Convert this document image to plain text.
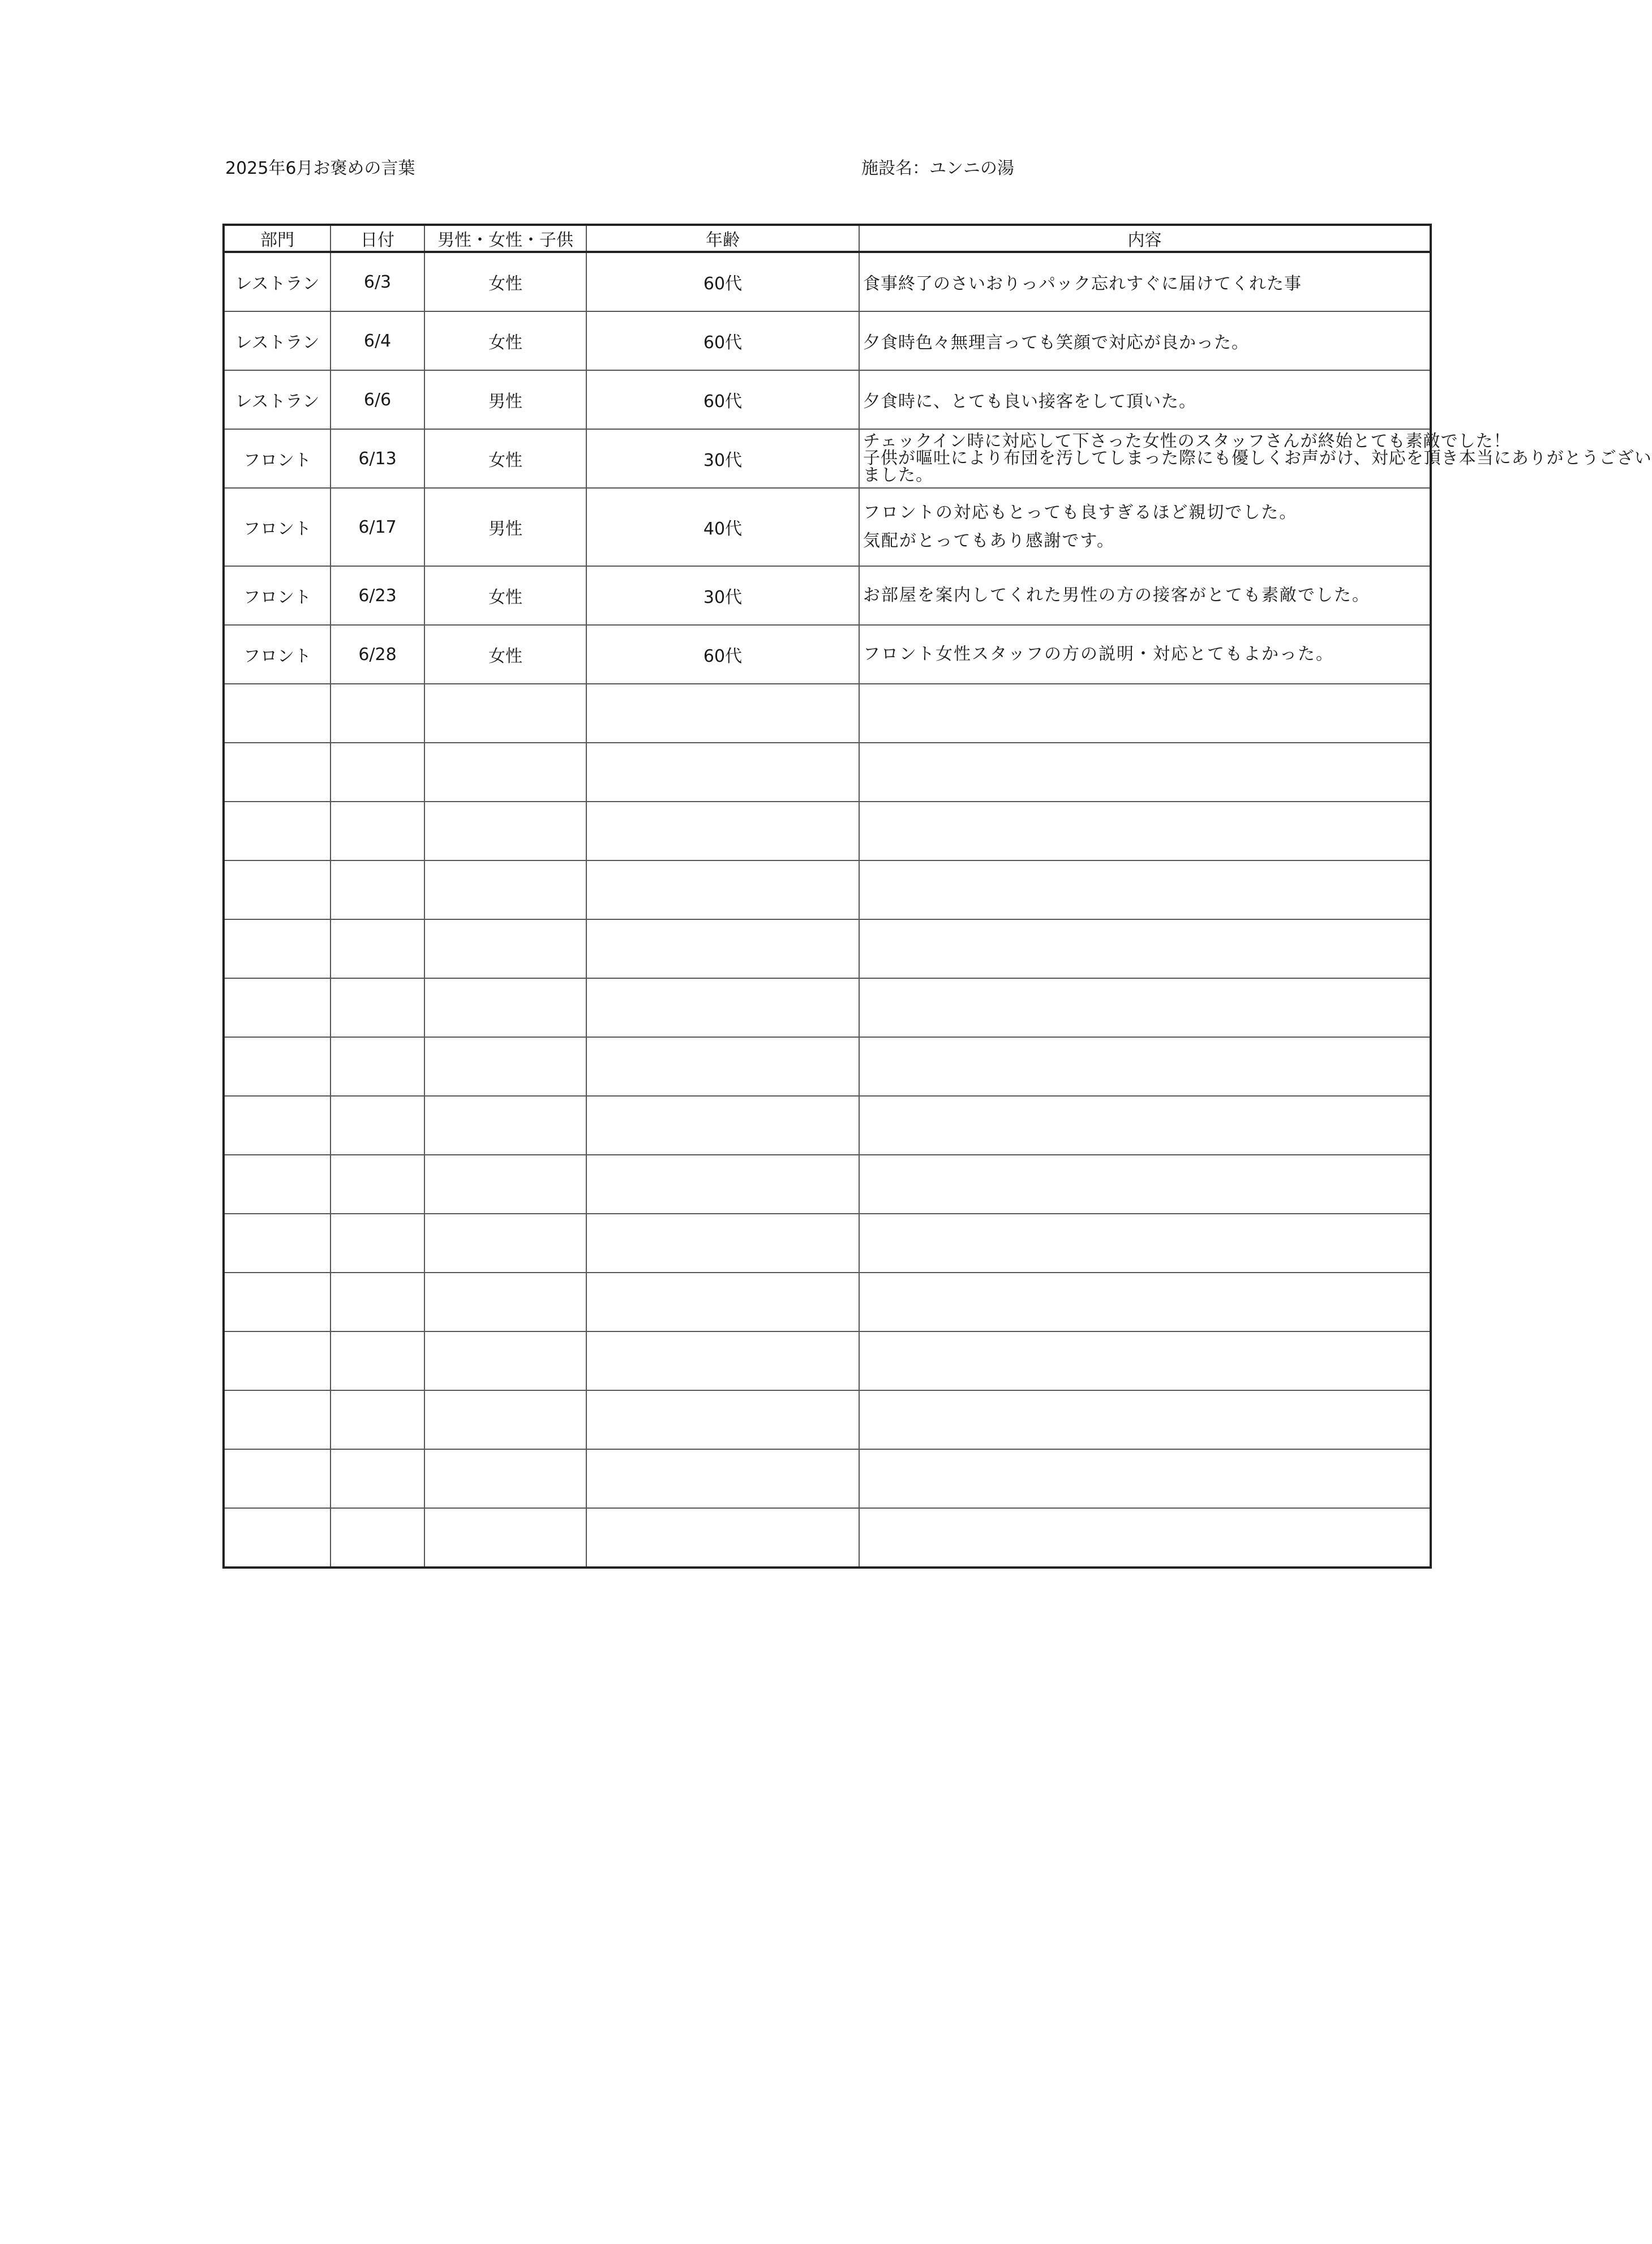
2025年6月お褒めの言葉	施設名：ユンニの湯
部門	日付	男性・女性・子供	年齢	内容
レストラン	6/3	女性	60代	食事終了のさいおりっパック忘れすぐに届けてくれた事

レストラン	6/4	女性	60代	夕食時色々無理言っても笑顔で対応が良かった。

レストラン	6/6	男性	60代	夕食時に、とても良い接客をして頂いた。

フロント	6/13	女性	30代	チェックイン時に対応して下さった女性のスタッフさんが終始とても素敵でした！
子供が嘔吐により布団を汚してしまった際にも優しくお声がけ、対応を頂き本当にありがとうござい
ました。

フロント	6/17	男性	40代	フロントの対応もとっても良すぎるほど親切でした。
気配がとってもあり感謝です。

フロント	6/23	女性	30代	お部屋を案内してくれた男性の方の接客がとても素敵でした。

フロント	6/28	女性	60代	フロント女性スタッフの方の説明・対応とてもよかった。
